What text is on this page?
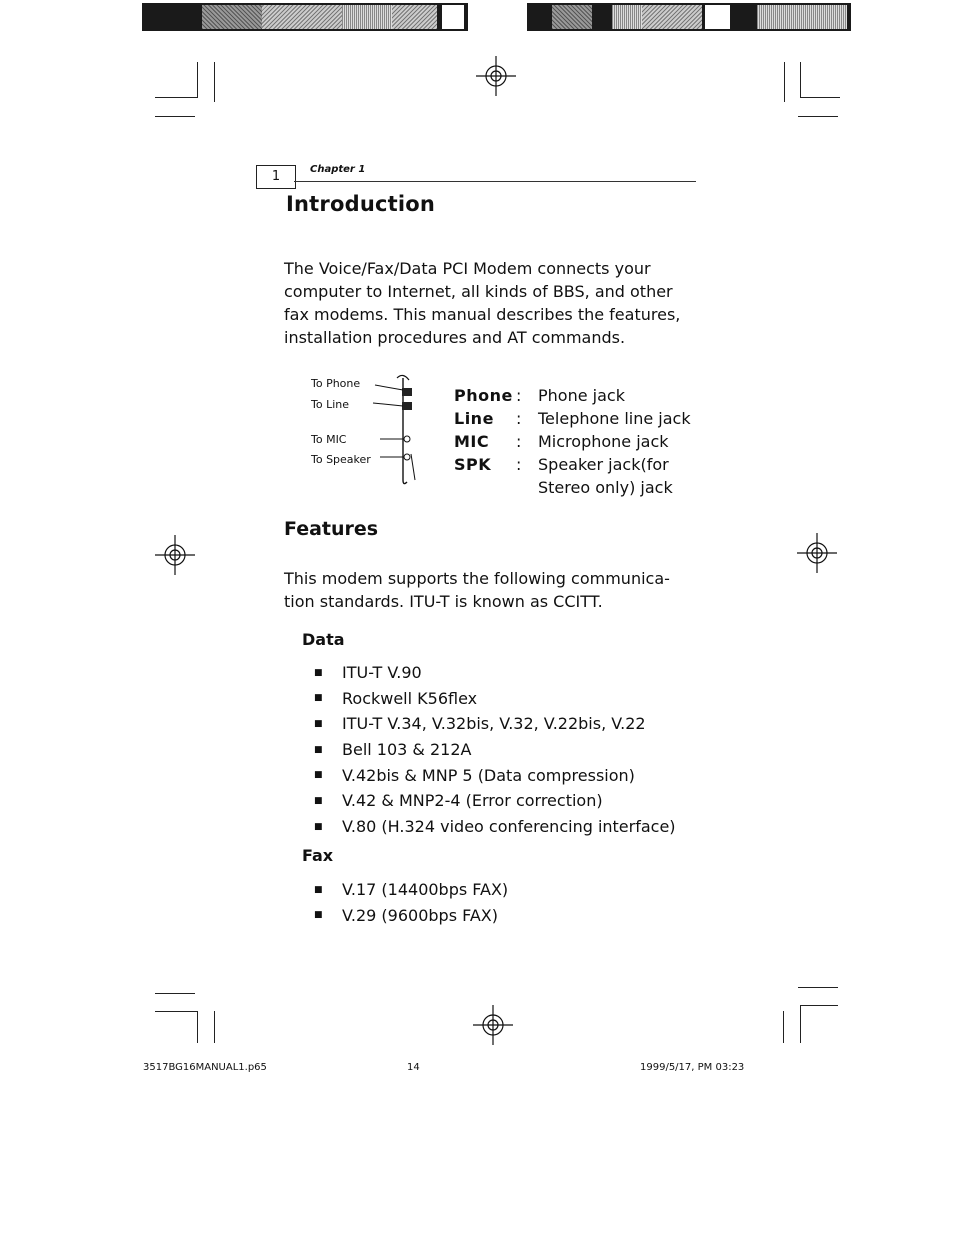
1	Chapter 1
Introduction
The Voice/Fax/Data PCI Modem connects your
computer to Internet, all kinds of BBS, and other
fax modems. This manual describes the features,
installation procedures and AT commands.
To Phone
To Line
To MIC
To Speaker
Phone :	Phone jack
Line	:	Telephone line jack
MIC	:	Microphone jack
SPK	:	Speaker jack(for
Stereo only) jack
Features
This modem supports the following communica-
tion standards. ITU-T is known as CCITT.
Data
■ ITU-T V.90
■ Rockwell K56flex
■ ITU-T V.34, V.32bis, V.32, V.22bis, V.22
■ Bell 103 & 212A
■ V.42bis & MNP 5 (Data compression)
■ V.42 & MNP2-4 (Error correction)
■ V.80 (H.324 video conferencing interface)
Fax
■ V.17 (14400bps FAX)
■ V.29 (9600bps FAX)
3517BG16MANUAL1.p65	14	1999/5/17, PM 03:23
